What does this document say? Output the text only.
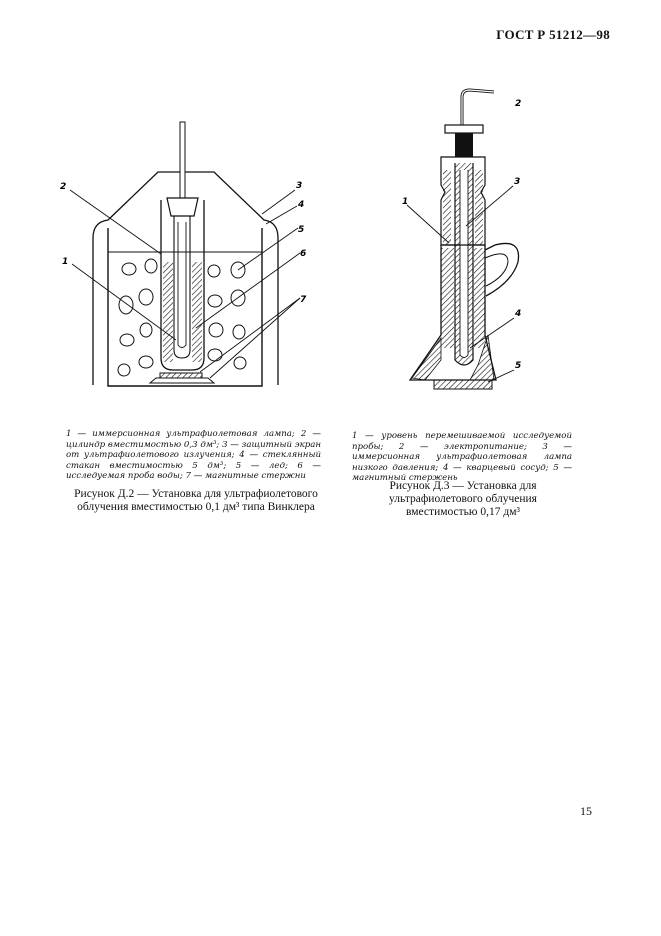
ГОСТ Р 51212—98
2
1
3
4
5
6
7
2
1
3
4
5
1 — иммерсионная ультрафиолетовая лампа; 2 — цилиндр вместимостью 0,3 дм³; 3 — защитный экран от ультрафиолетового излучения; 4 — стеклянный стакан вместимостью 5 дм³; 5 — лед; 6 — исследуемая проба воды; 7 — магнитные стержни
Рисунок Д.2 — Установка для ультрафиолетового облучения вместимостью 0,1 дм³ типа Винклера
1 — уровень перемешиваемой исследуемой пробы; 2 — электропитание; 3 — иммерсионная ультрафиолетовая лампа низкого давления; 4 — кварцевый сосуд; 5 — магнитный стержень
Рисунок Д.3 — Установка для ультрафиолетового облучения вместимостью 0,17 дм³
15
